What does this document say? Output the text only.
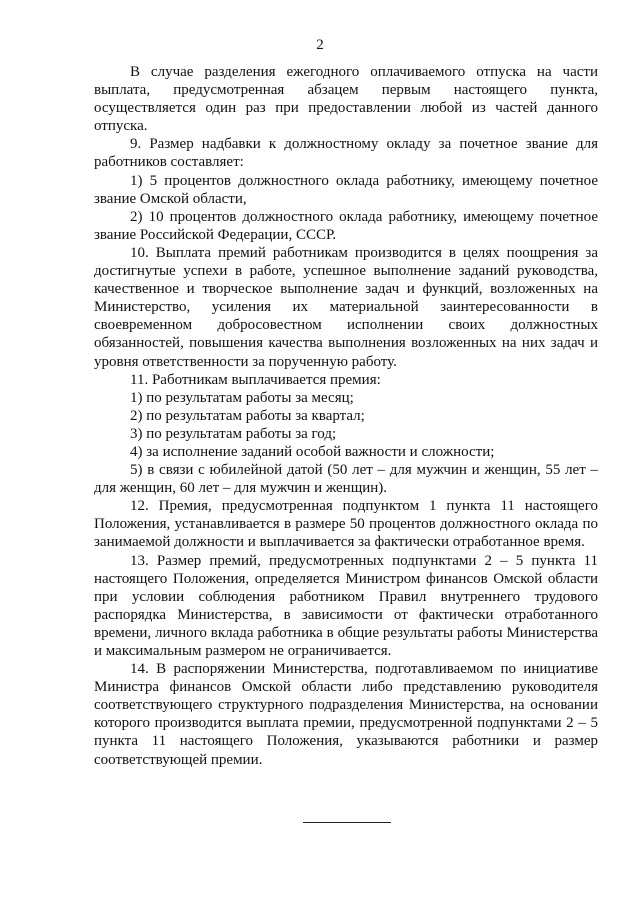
2

В случае разделения ежегодного оплачиваемого отпуска на части выплата, предусмотренная абзацем первым настоящего пункта, осуществляется один раз при предоставлении любой из частей данного отпуска.

9. Размер надбавки к должностному окладу за почетное звание для работников составляет:

1) 5 процентов должностного оклада работнику, имеющему почетное звание Омской области,

2) 10 процентов должностного оклада работнику, имеющему почетное звание Российской Федерации, СССР.

10. Выплата премий работникам производится в целях поощрения за достигнутые успехи в работе, успешное выполнение заданий руководства, качественное и творческое выполнение задач и функций, возложенных на Министерство, усиления их материальной заинтересованности в своевременном добросовестном исполнении своих должностных обязанностей, повышения качества выполнения возложенных на них задач и уровня ответственности за порученную работу.

11. Работникам выплачивается премия:

1) по результатам работы за месяц;

2) по результатам работы за квартал;

3) по результатам работы за год;

4) за исполнение заданий особой важности и сложности;

5) в связи с юбилейной датой (50 лет – для мужчин и женщин, 55 лет – для женщин, 60 лет – для мужчин и женщин).

12. Премия, предусмотренная подпунктом 1 пункта 11 настоящего Положения, устанавливается в размере 50 процентов должностного оклада по занимаемой должности и выплачивается за фактически отработанное время.

13. Размер премий, предусмотренных подпунктами 2 – 5 пункта 11 настоящего Положения, определяется Министром финансов Омской области при условии соблюдения работником Правил внутреннего трудового распорядка Министерства, в зависимости от фактически отработанного времени, личного вклада работника в общие результаты работы Министерства и максимальным размером не ограничивается.

14. В распоряжении Министерства, подготавливаемом по инициативе Министра финансов Омской области либо представлению руководителя соответствующего структурного подразделения Министерства, на основании которого производится выплата премии, предусмотренной подпунктами 2 – 5 пункта 11 настоящего Положения, указываются работники и размер соответствующей премии.
